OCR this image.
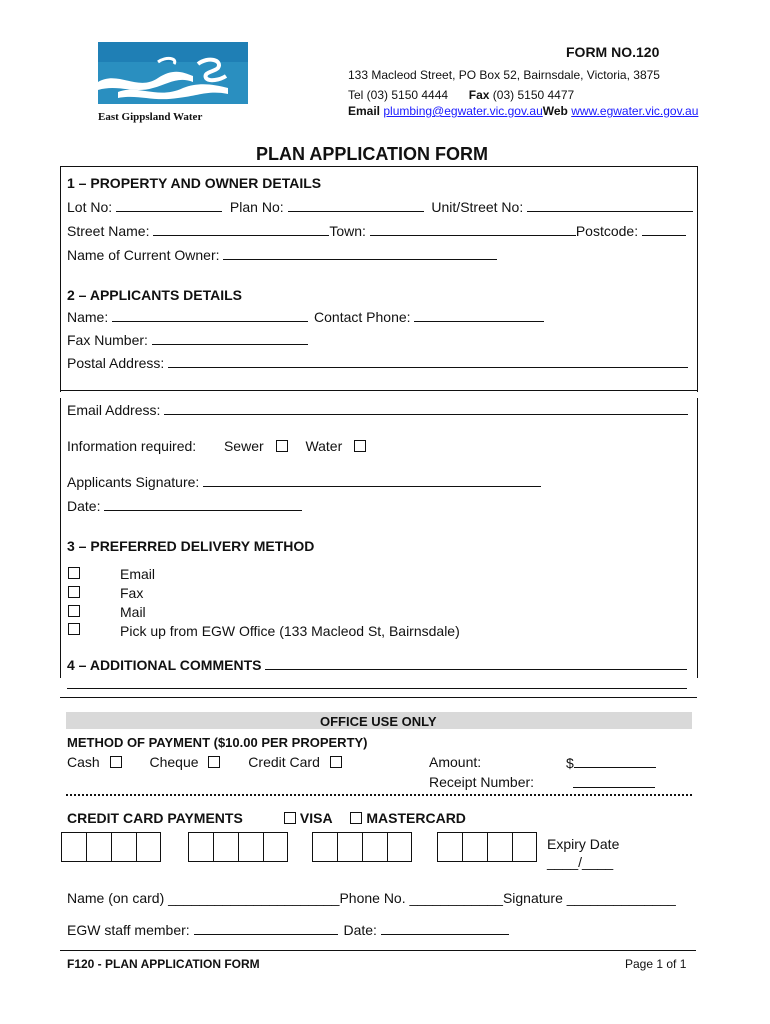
East Gippsland Water
FORM NO.120
133 Macleod Street, PO Box 52, Bairnsdale, Victoria, 3875
Tel (03) 5150 4444 Fax (03) 5150 4477
Email plumbing@egwater.vic.gov.auWeb www.egwater.vic.gov.au
PLAN APPLICATION FORM
1 – PROPERTY AND OWNER DETAILS
Lot No:	Plan No:	Unit/Street No:
Street Name:	Town:	Postcode:
Name of Current Owner:
2 – APPLICANTS DETAILS
Name:	Contact Phone:
Fax Number:
Postal Address:
Email Address:
Information required: Sewer	Water
Applicants Signature:
Date:
3 – PREFERRED DELIVERY METHOD
Email
Fax
Mail
Pick up from EGW Office (133 Macleod St, Bairnsdale)
4 – ADDITIONAL COMMENTS
OFFICE USE ONLY
METHOD OF PAYMENT ($10.00 PER PROPERTY)
Cash	Cheque	Credit Card	Amount:	$
Receipt Number:
CREDIT CARD PAYMENTS	VISA MASTERCARD
Expiry Date
____/____
Name (on card) ______________________Phone No. ____________Signature ______________
EGW staff member:	Date:
F120 - PLAN APPLICATION FORM	Page 1 of 1
